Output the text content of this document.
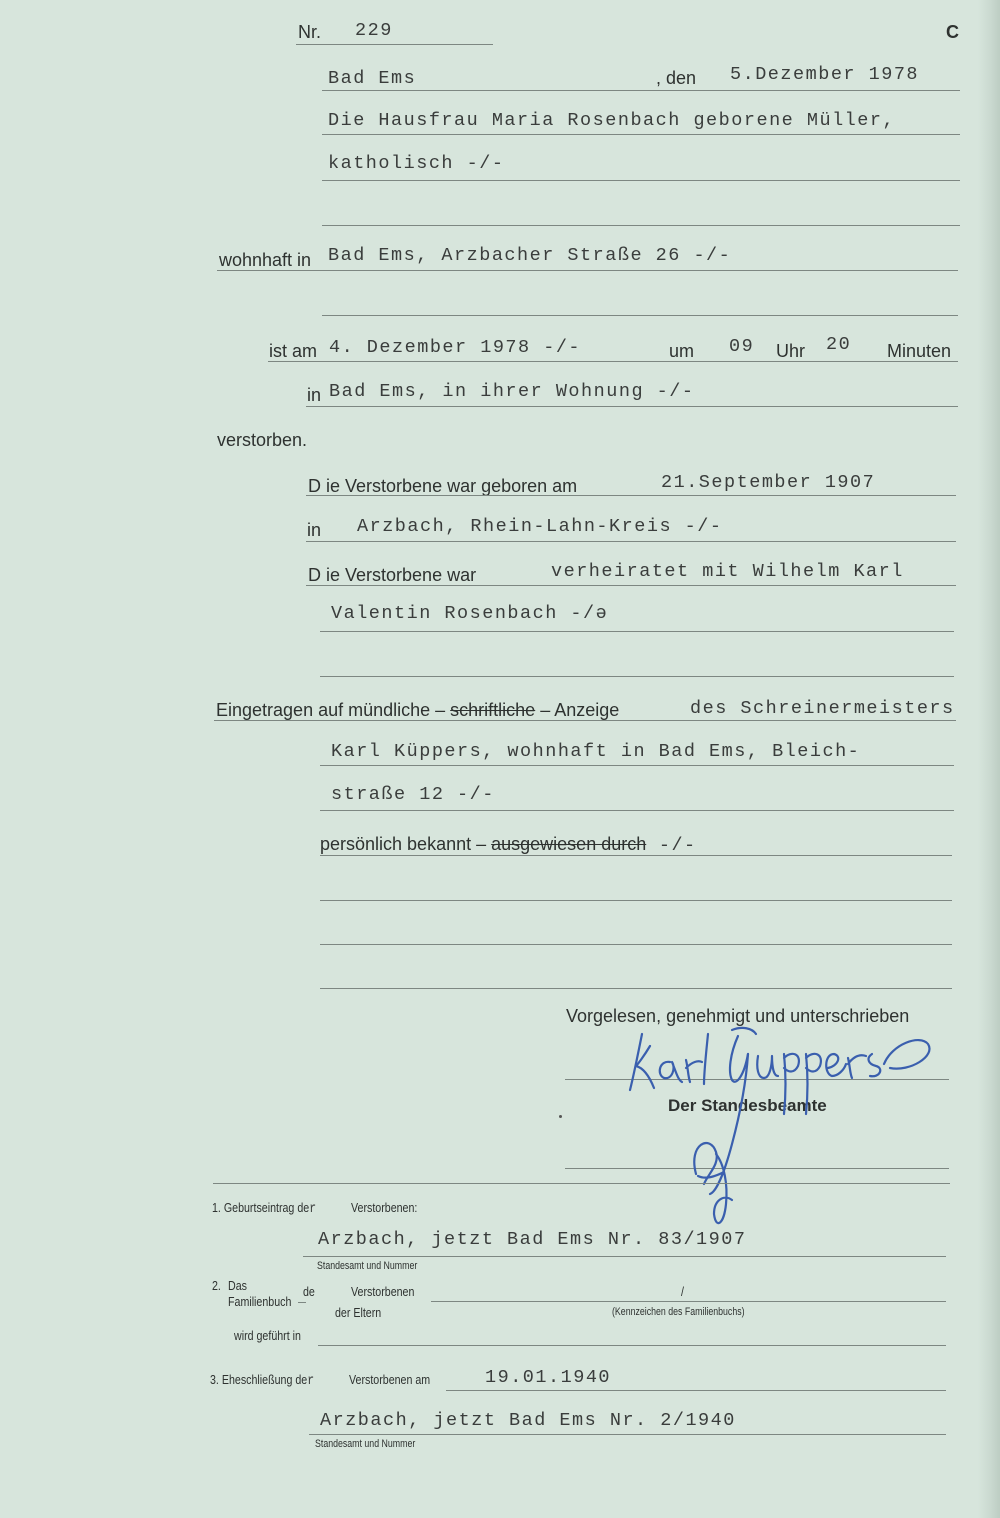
Nr. 229	C
Bad Ems	, den 5.Dezember 1978
Die Hausfrau Maria Rosenbach geborene Müller,
katholisch -/-
wohnhaft in Bad Ems, Arzbacher Straße 26 -/-
ist am 4. Dezember 1978 -/-	um 09 Uhr 20 Minuten
in Bad Ems, in ihrer Wohnung -/-
verstorben.
D ie Verstorbene war geboren am	21.September 1907
in Arzbach, Rhein-Lahn-Kreis -/-
D ie Verstorbene war	verheiratet mit Wilhelm Karl
Valentin Rosenbach -/ə
Eingetragen auf mündliche – schriftliche – Anzeige	des Schreinermeisters
Karl Küppers, wohnhaft in Bad Ems, Bleich-
straße 12 -/-
persönlich bekannt – ausgewiesen durch -/-
Vorgelesen, genehmigt und unterschrieben
Der Standesbeamte
1. Geburtseintrag der	Verstorbenen:
Arzbach, jetzt Bad Ems Nr. 83/1907
Standesamt und Nummer
2. Das
Familienbuch
de	Verstorbenen
der Eltern
/
(Kennzeichen des Familienbuchs)
wird geführt in
3. Eheschließung der	Verstorbenen am	19.01.1940
Arzbach, jetzt Bad Ems Nr. 2/1940
Standesamt und Nummer
